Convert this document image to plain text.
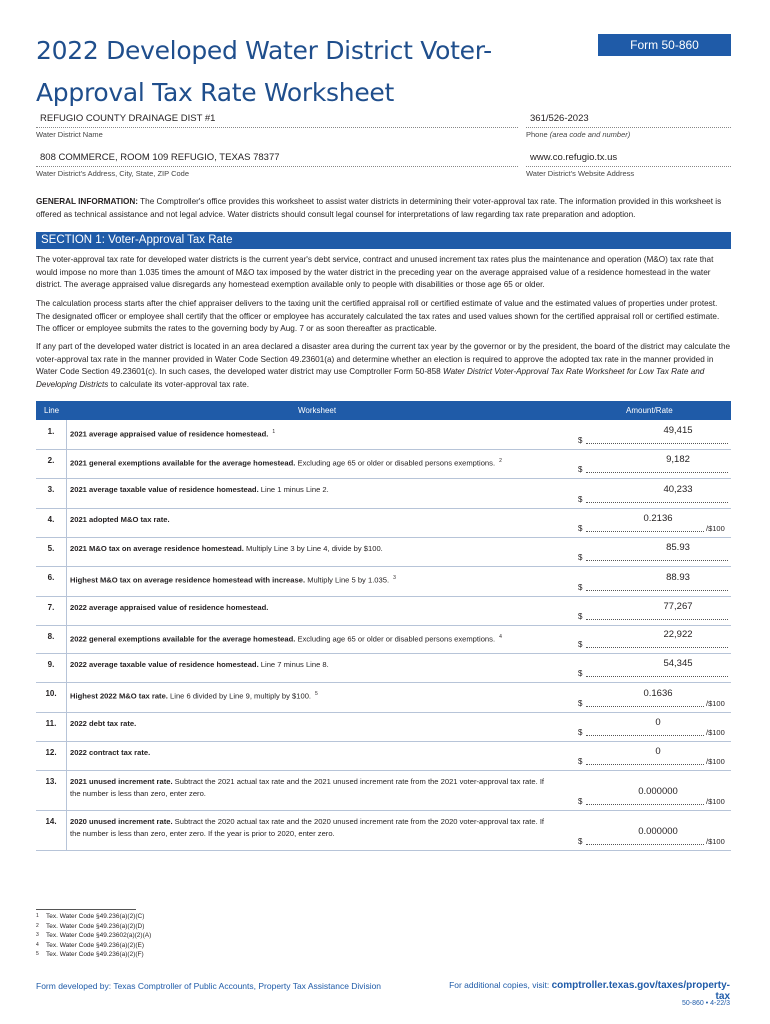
2022 Developed Water District Voter-
Approval Tax Rate Worksheet
Form 50-860
REFUGIO COUNTY DRAINAGE DIST #1
Water District Name
361/526-2023
Phone (area code and number)
808 COMMERCE, ROOM 109 REFUGIO, TEXAS 78377
Water District's Address, City, State, ZIP Code
www.co.refugio.tx.us
Water District's Website Address
GENERAL INFORMATION: The Comptroller's office provides this worksheet to assist water districts in determining their voter-approval tax rate. The information provided in this worksheet is offered as technical assistance and not legal advice. Water districts should consult legal counsel for interpretations of law regarding tax rate preparation and adoption.
SECTION 1: Voter-Approval Tax Rate
The voter-approval tax rate for developed water districts is the current year's debt service, contract and unused increment tax rates plus the maintenance and operation (M&O) tax rate that would impose no more than 1.035 times the amount of M&O tax imposed by the water district in the preceding year on the average appraised value of a residence homestead in the water district. The average appraised value disregards any homestead exemption available only to people with disabilities or those age 65 or older.
The calculation process starts after the chief appraiser delivers to the taxing unit the certified appraisal roll or certified estimate of value and the estimated values of properties under protest. The designated officer or employee shall certify that the officer or employee has accurately calculated the tax rates and used values shown for the certified appraisal roll or certified estimate. The officer or employee submits the rates to the governing body by Aug. 7 or as soon thereafter as practicable.
If any part of the developed water district is located in an area declared a disaster area during the current tax year by the governor or by the president, the board of the district may calculate the voter-approval tax rate in the manner provided in Water Code Section 49.23601(a) and determine whether an election is required to approve the adopted tax rate in the manner provided in Water Code Section 49.23601(c). In such cases, the developed water district may use Comptroller Form 50-858 Water District Voter-Approval Tax Rate Worksheet for Low Tax Rate and Developing Districts to calculate its voter-approval tax rate.
Line	Worksheet	Amount/Rate
1.	2021 average appraised value of residence homestead. $^1$
$
49,415
2.	2021 general exemptions available for the average homestead. Excluding age 65 or older or disabled persons exemptions. $^2$
$
9,182
3.	2021 average taxable value of residence homestead. Line 1 minus Line 2.
$
40,233
4.	2021 adopted M&O tax rate.
$
0.2136
/$100
5.	2021 M&O tax on average residence homestead. Multiply Line 3 by Line 4, divide by $100.
$
85.93
6.	Highest M&O tax on average residence homestead with increase. Multiply Line 5 by 1.035. $^3$
$
88.93
7.	2022 average appraised value of residence homestead.
$
77,267
8.	2022 general exemptions available for the average homestead. Excluding age 65 or older or disabled persons exemptions. $^4$
$
22,922
9.	2022 average taxable value of residence homestead. Line 7 minus Line 8.
$
54,345
10.	Highest 2022 M&O tax rate. Line 6 divided by Line 9, multiply by $100. $^5$
$
0.1636
/$100
11.	2022 debt tax rate.
$
0
/$100
12.	2022 contract tax rate.
$
0
/$100
13.	2021 unused increment rate. Subtract the 2021 actual tax rate and the 2021 unused increment rate from the 2021 voter-approval tax rate. If the number is less than zero, enter zero.
$
0.000000
/$100
14.	2020 unused increment rate. Subtract the 2020 actual tax rate and the 2020 unused increment rate from the 2020 voter-approval tax rate. If the number is less than zero, enter zero. If the year is prior to 2020, enter zero.
$
0.000000
/$100
1 Tex. Water Code §49.236(a)(2)(C)
2 Tex. Water Code §49.236(a)(2)(D)
3 Tex. Water Code §49.23602(a)(2)(A)
4 Tex. Water Code §49.236(a)(2)(E)
5 Tex. Water Code §49.236(a)(2)(F)
Form developed by: Texas Comptroller of Public Accounts, Property Tax Assistance Division	For additional copies, visit: comptroller.texas.gov/taxes/property-tax
50-860 • 4-22/3
